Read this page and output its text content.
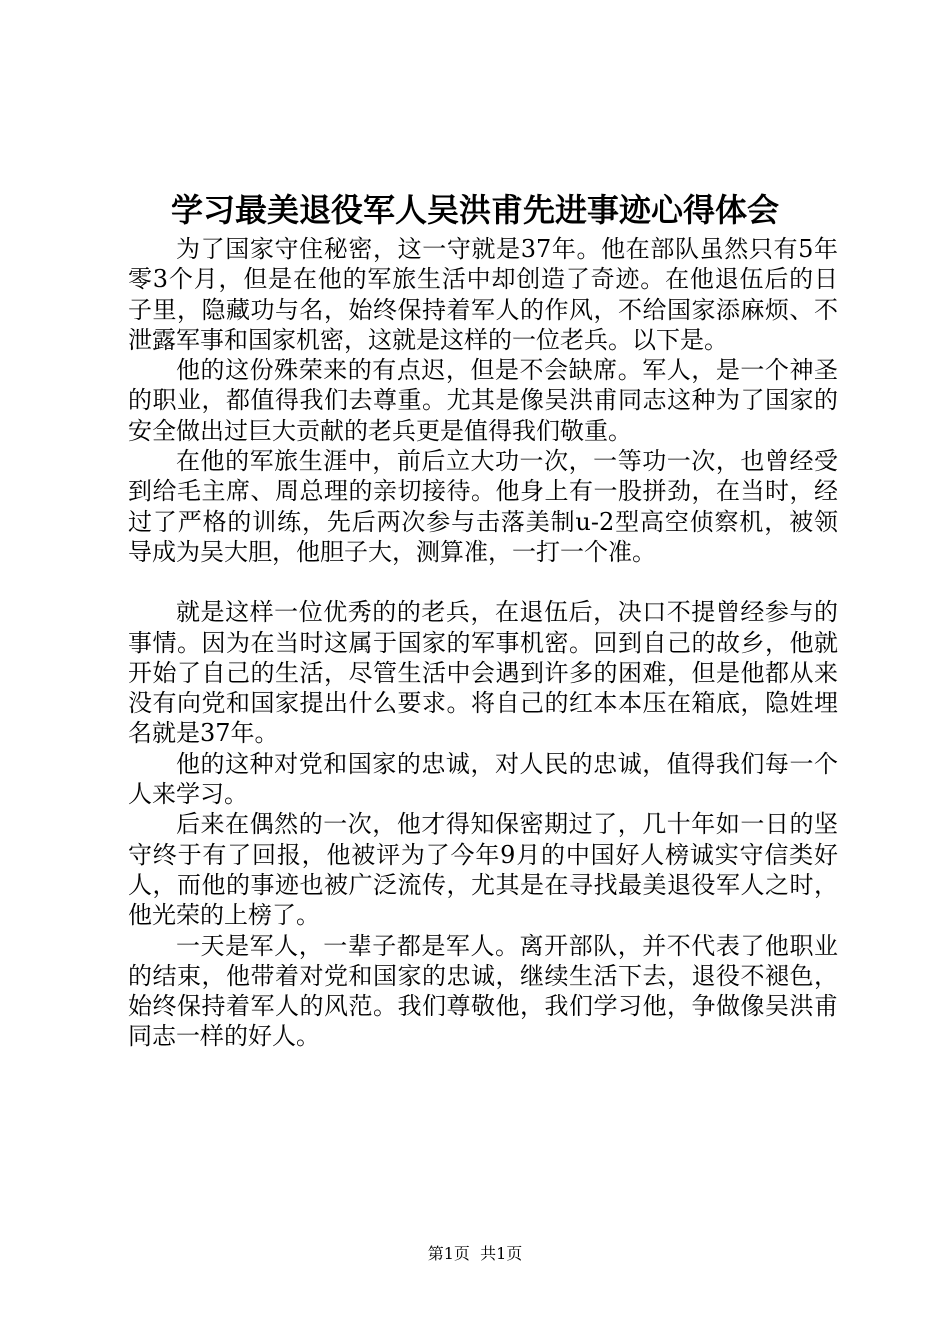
学习最美退役军人吴洪甫先进事迹心得体会

为了国家守住秘密，这一守就是37年。他在部队虽然只有5年零3个月，但是在他的军旅生活中却创造了奇迹。在他退伍后的日子里，隐藏功与名，始终保持着军人的作风，不给国家添麻烦、不泄露军事和国家机密，这就是这样的一位老兵。以下是。

他的这份殊荣来的有点迟，但是不会缺席。军人，是一个神圣的职业，都值得我们去尊重。尤其是像吴洪甫同志这种为了国家的安全做出过巨大贡献的老兵更是值得我们敬重。

在他的军旅生涯中，前后立大功一次，一等功一次，也曾经受到给毛主席、周总理的亲切接待。他身上有一股拼劲，在当时，经过了严格的训练，先后两次参与击落美制u-2型高空侦察机，被领导成为吴大胆，他胆子大，测算准，一打一个准。

就是这样一位优秀的的老兵，在退伍后，决口不提曾经参与的事情。因为在当时这属于国家的军事机密。回到自己的故乡，他就开始了自己的生活，尽管生活中会遇到许多的困难，但是他都从来没有向党和国家提出什么要求。将自己的红本本压在箱底，隐姓埋名就是37年。

他的这种对党和国家的忠诚，对人民的忠诚，值得我们每一个人来学习。

后来在偶然的一次，他才得知保密期过了，几十年如一日的坚守终于有了回报，他被评为了今年9月的中国好人榜诚实守信类好人，而他的事迹也被广泛流传，尤其是在寻找最美退役军人之时，他光荣的上榜了。

一天是军人，一辈子都是军人。离开部队，并不代表了他职业的结束，他带着对党和国家的忠诚，继续生活下去，退役不褪色，始终保持着军人的风范。我们尊敬他，我们学习他，争做像吴洪甫同志一样的好人。

第1页  共1页
